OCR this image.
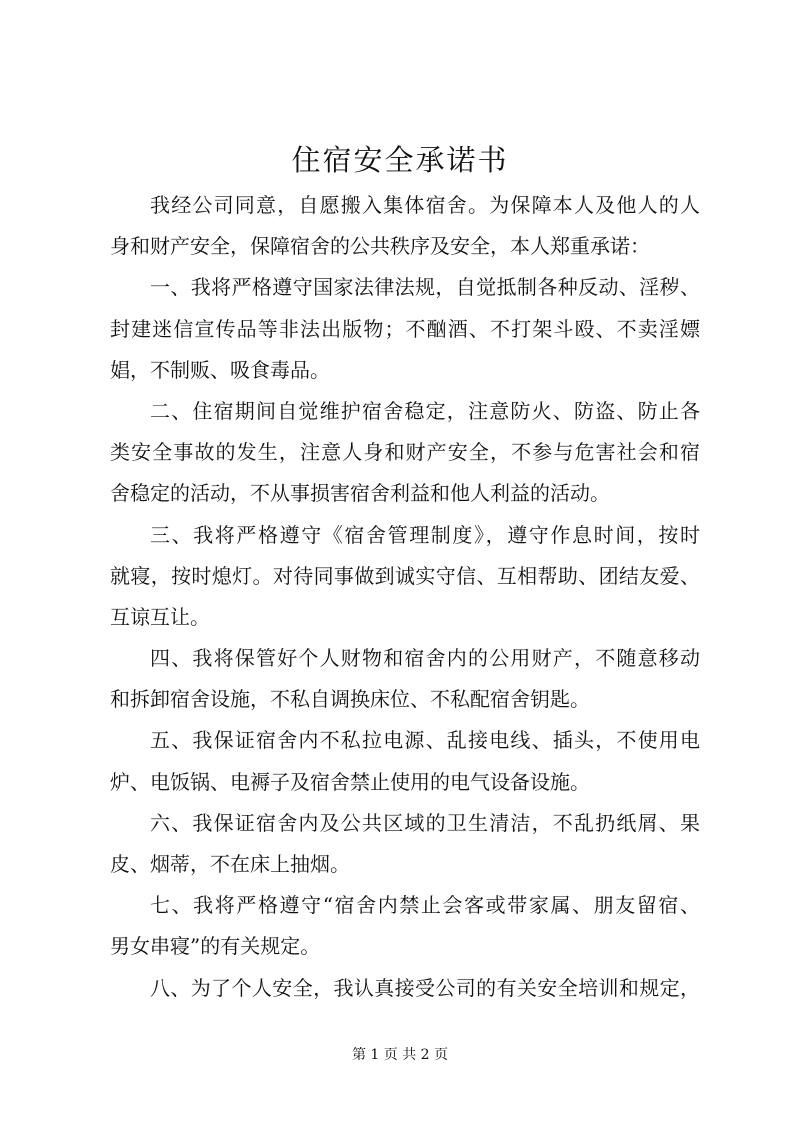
住宿安全承诺书
我经公司同意，自愿搬入集体宿舍。为保障本人及他人的人
身和财产安全，保障宿舍的公共秩序及安全，本人郑重承诺：
一、我将严格遵守国家法律法规，自觉抵制各种反动、淫秽、
封建迷信宣传品等非法出版物；不酗酒、不打架斗殴、不卖淫嫖
娼，不制贩、吸食毒品。
二、住宿期间自觉维护宿舍稳定，注意防火、防盗、防止各
类安全事故的发生，注意人身和财产安全，不参与危害社会和宿
舍稳定的活动，不从事损害宿舍利益和他人利益的活动。
三、我将严格遵守《宿舍管理制度》，遵守作息时间，按时
就寝，按时熄灯。对待同事做到诚实守信、互相帮助、团结友爱、
互谅互让。
四、我将保管好个人财物和宿舍内的公用财产，不随意移动
和拆卸宿舍设施，不私自调换床位、不私配宿舍钥匙。
五、我保证宿舍内不私拉电源、乱接电线、插头，不使用电
炉、电饭锅、电褥子及宿舍禁止使用的电气设备设施。
六、我保证宿舍内及公共区域的卫生清洁，不乱扔纸屑、果
皮、烟蒂，不在床上抽烟。
七、我将严格遵守“宿舍内禁止会客或带家属、朋友留宿、
男女串寝”的有关规定。
八、为了个人安全，我认真接受公司的有关安全培训和规定，
第 1 页 共 2 页
